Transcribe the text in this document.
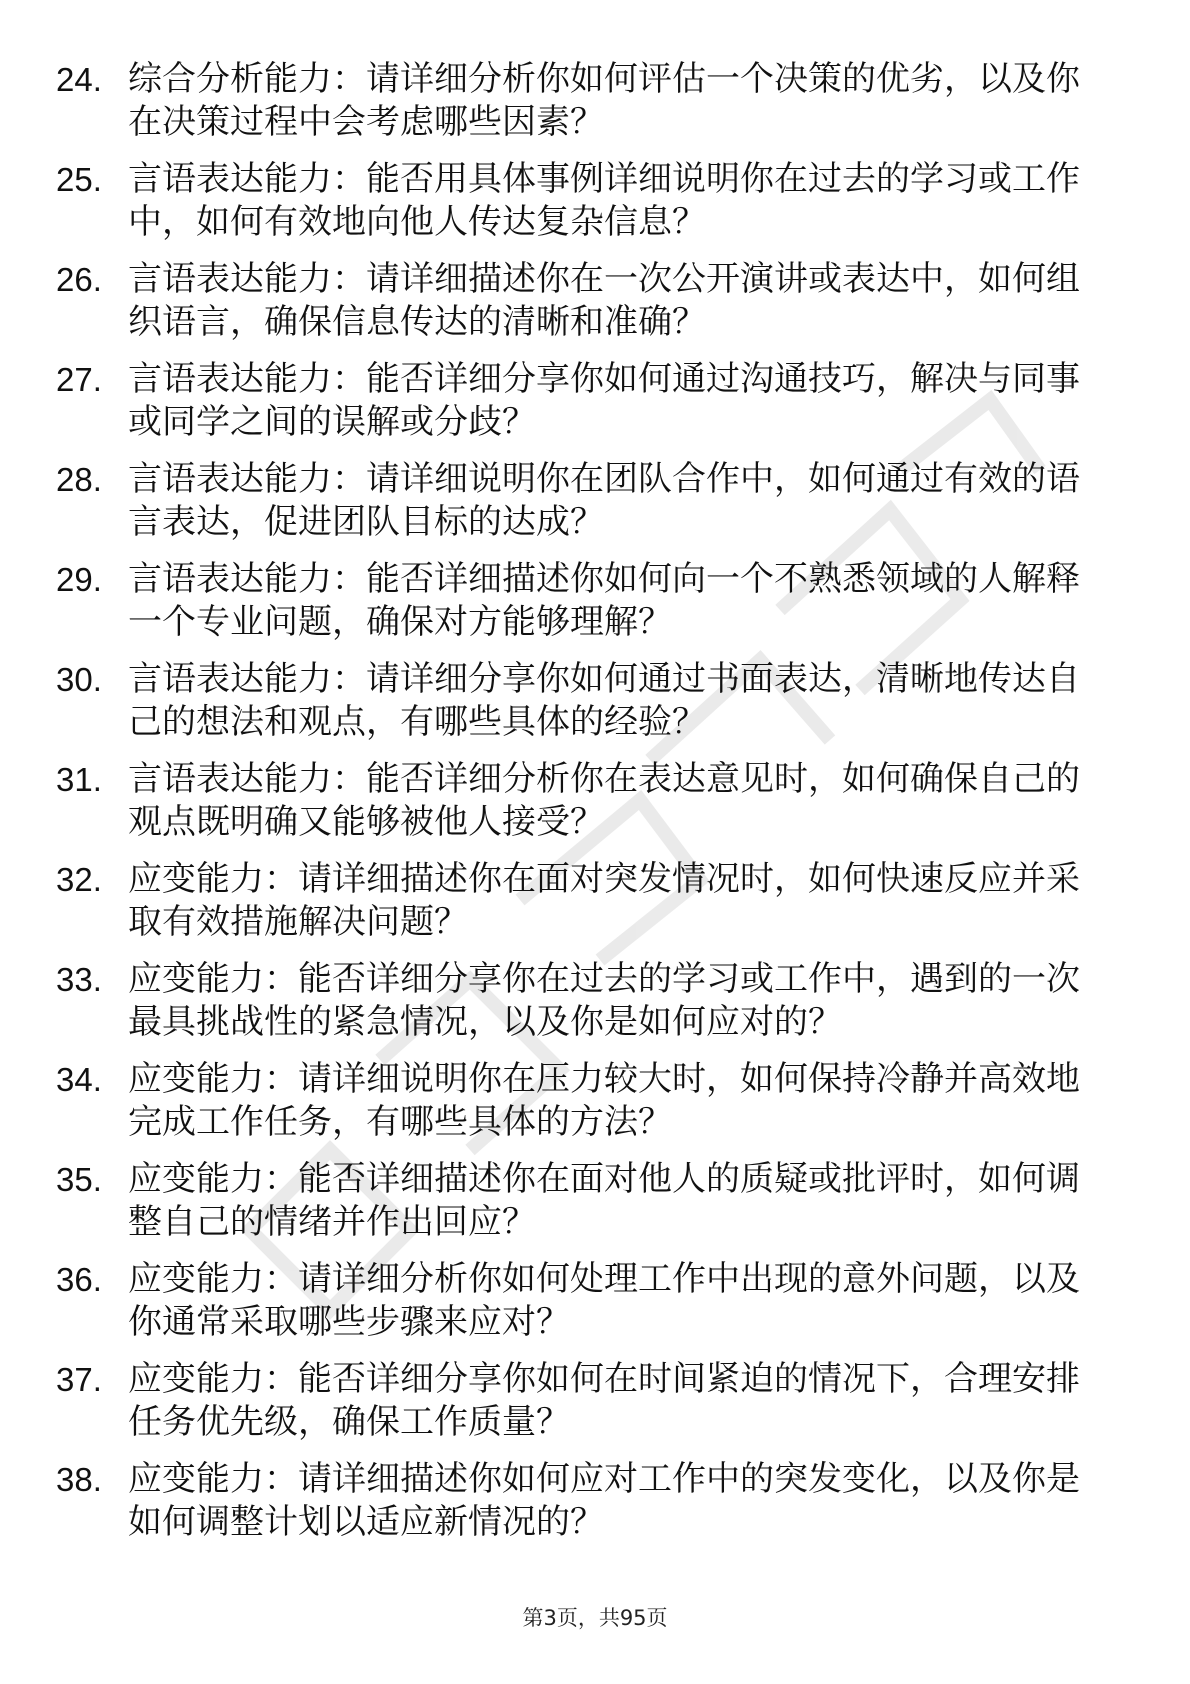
24. 综合分析能力：请详细分析你如何评估一个决策的优劣，以及你在决策过程中会考虑哪些因素？
25. 言语表达能力：能否用具体事例详细说明你在过去的学习或工作中，如何有效地向他人传达复杂信息？
26. 言语表达能力：请详细描述你在一次公开演讲或表达中，如何组织语言，确保信息传达的清晰和准确？
27. 言语表达能力：能否详细分享你如何通过沟通技巧，解决与同事或同学之间的误解或分歧？
28. 言语表达能力：请详细说明你在团队合作中，如何通过有效的语言表达，促进团队目标的达成？
29. 言语表达能力：能否详细描述你如何向一个不熟悉领域的人解释一个专业问题，确保对方能够理解？
30. 言语表达能力：请详细分享你如何通过书面表达，清晰地传达自己的想法和观点，有哪些具体的经验？
31. 言语表达能力：能否详细分析你在表达意见时，如何确保自己的观点既明确又能够被他人接受？
32. 应变能力：请详细描述你在面对突发情况时，如何快速反应并采取有效措施解决问题？
33. 应变能力：能否详细分享你在过去的学习或工作中，遇到的一次最具挑战性的紧急情况，以及你是如何应对的？
34. 应变能力：请详细说明你在压力较大时，如何保持冷静并高效地完成工作任务，有哪些具体的方法？
35. 应变能力：能否详细描述你在面对他人的质疑或批评时，如何调整自己的情绪并作出回应？
36. 应变能力：请详细分析你如何处理工作中出现的意外问题，以及你通常采取哪些步骤来应对？
37. 应变能力：能否详细分享你如何在时间紧迫的情况下，合理安排任务优先级，确保工作质量？
38. 应变能力：请详细描述你如何应对工作中的突发变化，以及你是如何调整计划以适应新情况的？
第3页，共95页
